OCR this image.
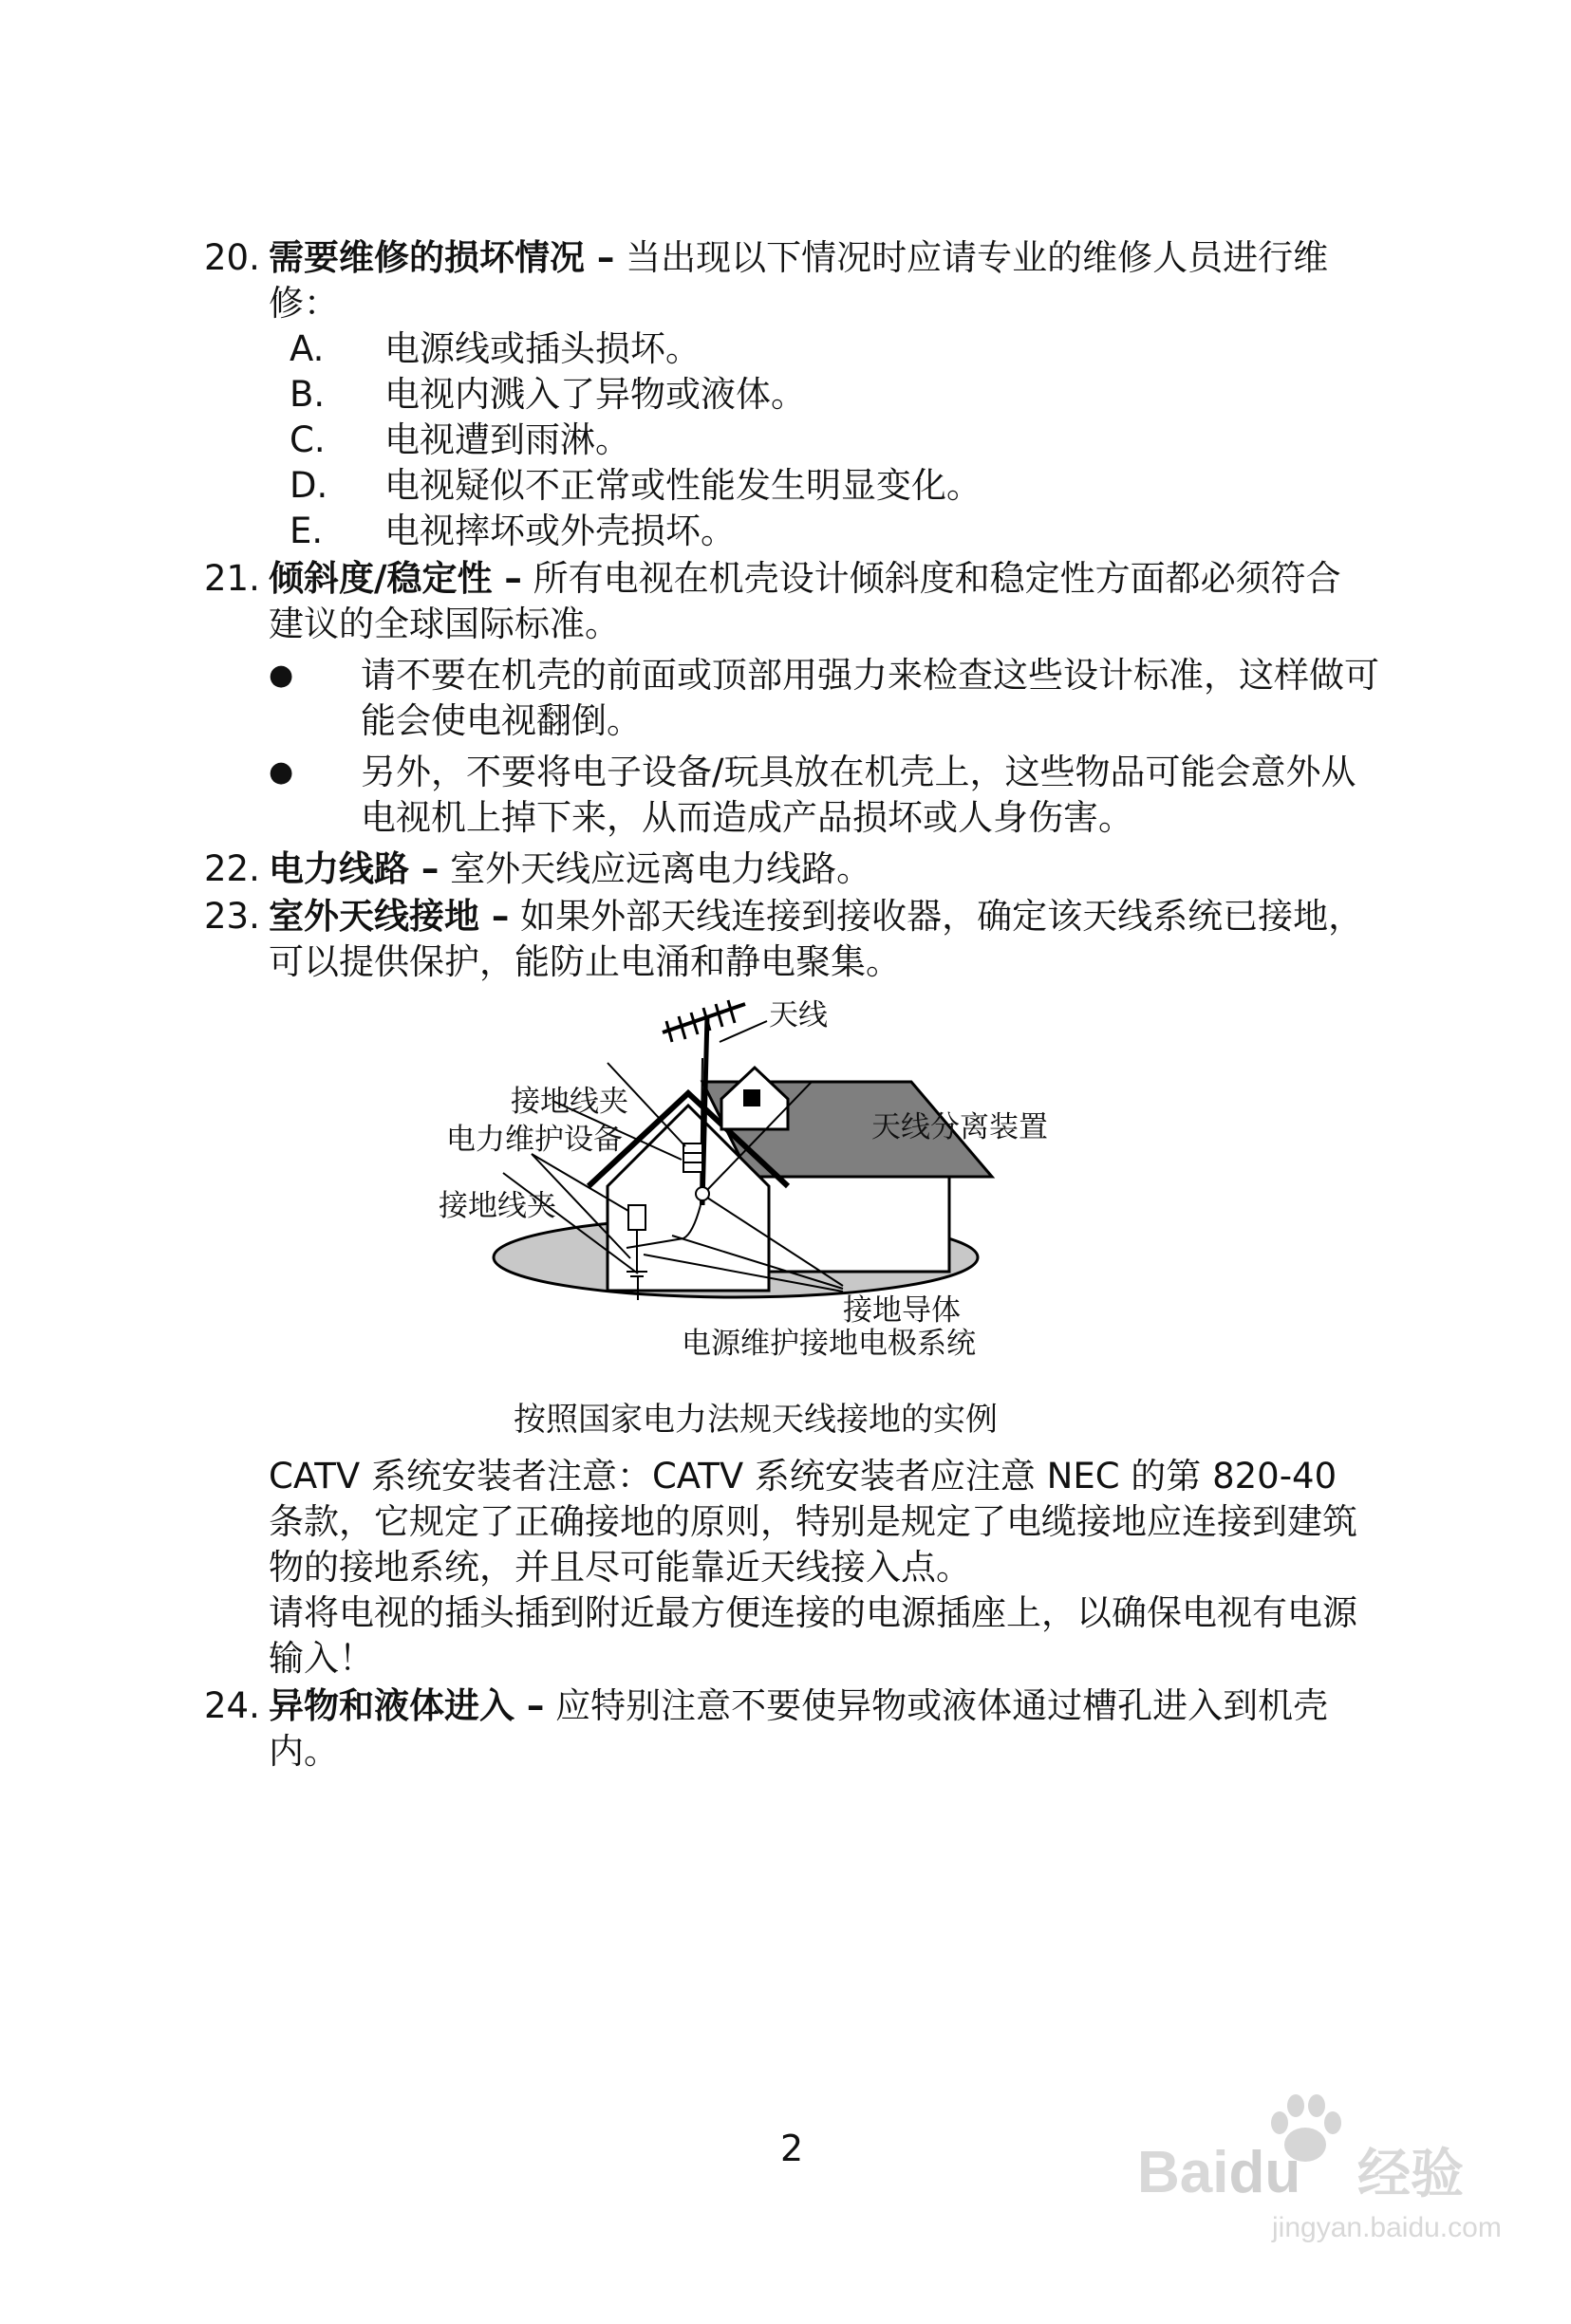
20. 需要维修的损坏情况 – 当出现以下情况时应请专业的维修人员进行维
修：
A. 电源线或插头损坏。
B. 电视内溅入了异物或液体。
C. 电视遭到雨淋。
D. 电视疑似不正常或性能发生明显变化。
E. 电视摔坏或外壳损坏。
21. 倾斜度/稳定性 – 所有电视在机壳设计倾斜度和稳定性方面都必须符合
建议的全球国际标准。
● 请不要在机壳的前面或顶部用强力来检查这些设计标准，这样做可
能会使电视翻倒。
● 另外，不要将电子设备/玩具放在机壳上，这些物品可能会意外从
电视机上掉下来，从而造成产品损坏或人身伤害。
22. 电力线路 – 室外天线应远离电力线路。
23. 室外天线接地 – 如果外部天线连接到接收器，确定该天线系统已接地，
可以提供保护，能防止电涌和静电聚集。
天线
接地线夹
电力维护设备	天线分离装置
接地线夹
接地导体
电源维护接地电极系统
按照国家电力法规天线接地的实例
CATV 系统安装者注意：CATV 系统安装者应注意 NEC 的第 820-40
条款，它规定了正确接地的原则，特别是规定了电缆接地应连接到建筑
物的接地系统，并且尽可能靠近天线接入点。
请将电视的插头插到附近最方便连接的电源插座上，以确保电视有电源
输入！
24. 异物和液体进入 – 应特别注意不要使异物或液体通过槽孔进入到机壳
内。
2	Baidu 经验
jingyan.baidu.com
